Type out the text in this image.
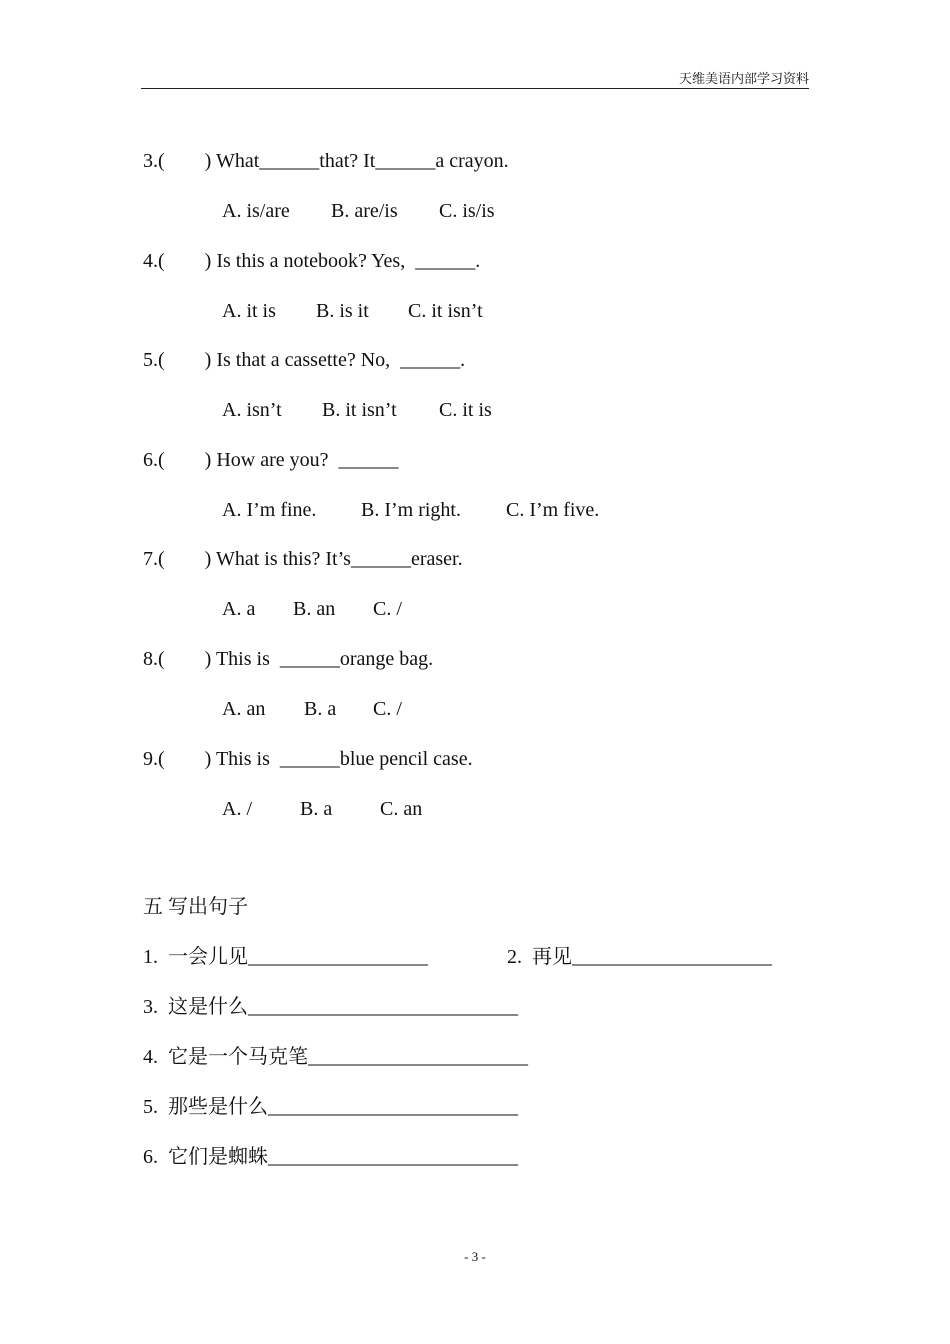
天维美语内部学习资料
3.(        ) What______that? It______a crayon.
A. is/are B. are/is C. is/is
4.(        ) Is this a notebook? Yes,  ______.
A. it is B. is it C. it isn’t
5.(        ) Is that a cassette? No,  ______.
A. isn’t B. it isn’t C. it is
6.(        ) How are you?  ______
A. I’m fine. B. I’m right. C. I’m five.
7.(        ) What is this? It’s______eraser.
A. a B. an C. /
8.(        ) This is  ______orange bag.
A. an B. a C. /
9.(        ) This is  ______blue pencil case.
A. / B. a C. an
五 写出句子
1.  一会儿见__________________	2.  再见____________________
3.  这是什么___________________________
4.  它是一个马克笔______________________
5.  那些是什么_________________________
6.  它们是蜘蛛_________________________
- 3 -
